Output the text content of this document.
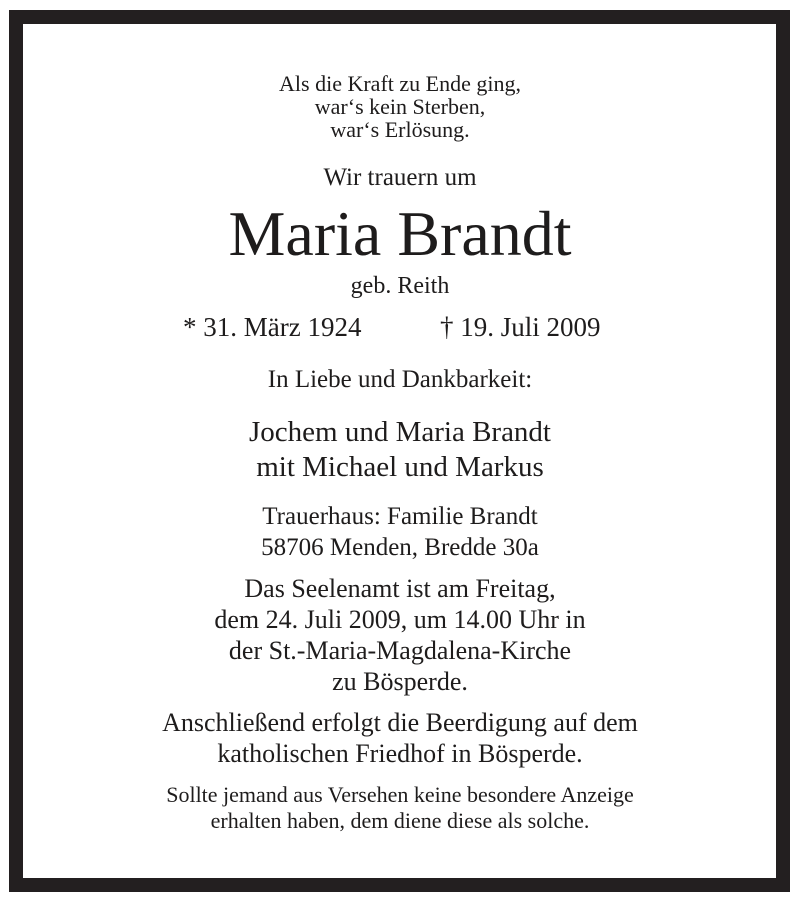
Als die Kraft zu Ende ging,
war‘s kein Sterben,
war‘s Erlösung.
Wir trauern um
Maria Brandt
geb. Reith
* 31. März 1924	† 19. Juli 2009
In Liebe und Dankbarkeit:
Jochem und Maria Brandt
mit Michael und Markus
Trauerhaus: Familie Brandt
58706 Menden, Bredde 30a
Das Seelenamt ist am Freitag,
dem 24. Juli 2009, um 14.00 Uhr in
der St.-Maria-Magdalena-Kirche
zu Bösperde.
Anschließend erfolgt die Beerdigung auf dem
katholischen Friedhof in Bösperde.
Sollte jemand aus Versehen keine besondere Anzeige
erhalten haben, dem diene diese als solche.
